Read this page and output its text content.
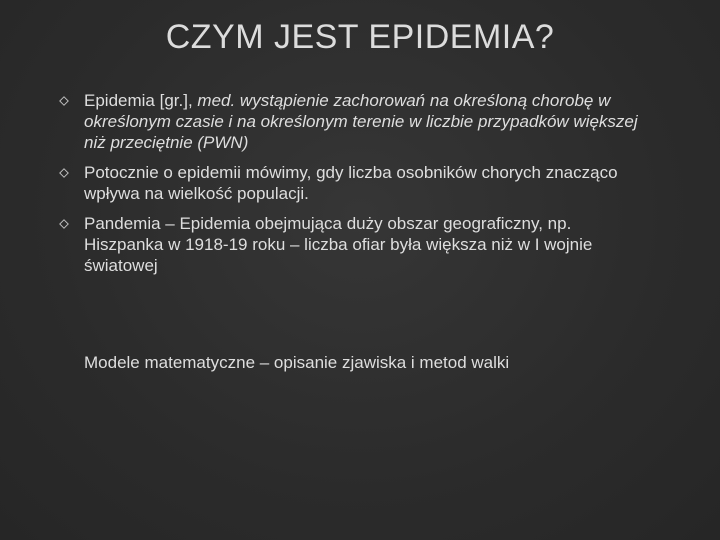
CZYM JEST EPIDEMIA?
Epidemia [gr.], med. wystąpienie zachorowań na określoną chorobę w określonym czasie i na określonym terenie w liczbie przypadków większej niż przeciętnie (PWN)
Potocznie o epidemii mówimy, gdy liczba osobników chorych znacząco wpływa na wielkość populacji.
Pandemia – Epidemia obejmująca duży obszar geograficzny, np. Hiszpanka w 1918-19 roku – liczba ofiar była większa niż w I wojnie światowej

Modele matematyczne – opisanie zjawiska i metod walki
